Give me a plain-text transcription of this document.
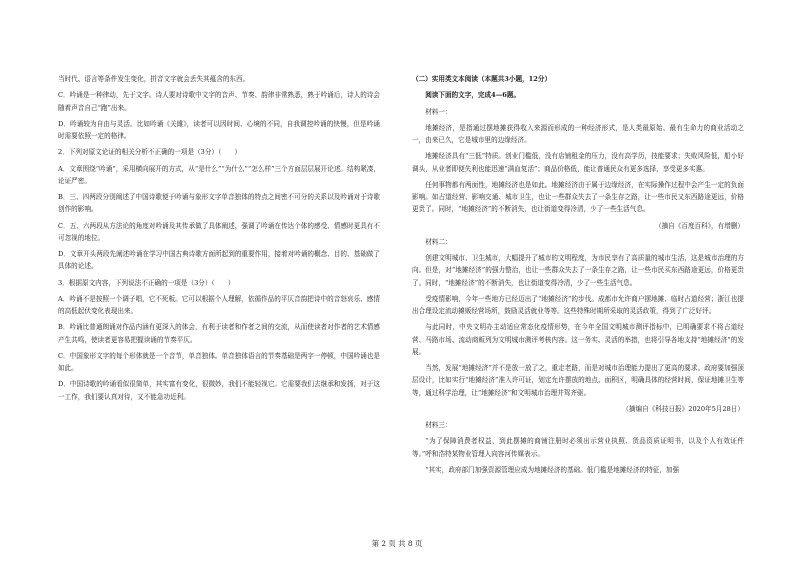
当时代、语言等条件发生变化，拼音文字就会丢失其蕴含的东西。

C．吟诵是一种律动，先于文字。诗人要对诗歌中文字的音声、节奏、韵律非常熟悉，熟于吟诵后，诗人的诗会随着声音自己“跑”出来。

D．吟诵较为自由与灵活。比如吟诵《关雎》，读者可以因时间、心境的不同，自我调控吟诵的快慢，但是吟诵时需要依照一定的格律。

2．下列对原文论证的相关分析不正确的一项是（3分）（　　）

A．文章围绕“吟诵”，采用横向展开的方式，从“是什么”“为什么”“怎么样”三个方面层层展开论述。结构紧凑，论证严密。

B．三、四两段分别阐述了中国诗歌便于吟诵与象形文字单音独体的特点之间密不可分的关系以及吟诵对于诗歌创作的影响。

C．五、六两段从方法论的角度对吟诵及其传承做了具体阐述，强调了吟诵在传达个体的感受、情感时更具有不可忽视的地位。

D．文章开头两段先阐述吟诵在学习中国古典诗歌方面所起到的重要作用，接着对吟诵的概念、目的、基础做了具体的论述。

3．根据原文内容，下列说法不正确的一项是（3分）（　　）

A．吟诵不是按照一个调子唱，它不死板。它可以根据个人理解，依循作品的平仄音韵把诗中的音怒哀乐、感情的高低起伏变化表现出来。

B．吟诵比普通朗诵对作品内涵有更深入的体会，有利于读者和作者之间的交流，从而使读者对作者的艺术情感产生共鸣，使读者更容易把握读诵的节奏平仄。

C．中国象形文字的每个形体就是一个音节，单音独体。单音独体语言的节奏基础是两字一停顿，中国吟诵也是如此。

D．中国诗歌的吟诵看似很简单，其实富有变化，很微妙，我们不能轻视它。它需要我们去继承和发扬，对于这一工作，我们要认真对待，又不能急功近利。

（二）实用类文本阅读（本题共3小题，12分）

阅读下面的文字，完成4—6题。

材料一：

地摊经济，是指通过摆地摊获得收入来源而形成的一种经济形式，是人类最原始、最有生命力的商业活动之一，由来已久，它是城市里的边缘经济。

地摊经济具有“三低”特质。创业门槛低，没有店铺租金的压力，没有高学历，技能要求；失败风险低，船小好调头，从业者即便失利也能迅速“满血复活”；商品价格低，能让普通民众有更多选择，享受更多实惠。

任何事物都有两面性，地摊经济也是如此。地摊经济由于属于边缘经济，在实际操作过程中会产生一定的负面影响。如占道经营、影响交通、城市卫生，也让一些群众失去了一条生存之路，让一些市民又东西路途更远，价格更贵了。同时，“地摊经济”的不断消失，也让街道变得冷清，少了一些生活气息。

（摘自《百度百科》，有增删）

材料二：

创建文明城市、卫生城市，大幅提升了城市的文明程度，为市民享有了高质量的城市生活，这是城市治理的方向。但是，对“地摊经济”的强力整治，也让一些群众失去了一条生存之路，让一些市民买东西路途更远，价格更贵了。同时，“地摊经济”的不断消失，也让街道变得冷清，少了一些生活气息。

受疫情影响，今年一些地方已经迈出了“地摊经济”的步伐。成都市允许商户摆地摊、临时占道经营；浙江也提出合理设定流动摊贩经营场所，鼓励灵活就业等等。这些特殊时期所采取的灵活政策，得到了广泛好评。

与此同时，中央文明办主动适应常态化疫情形势，在今年全国文明城市测评指标中，已明确要求不将占道经营、马路市场、流动商贩列为文明城市测评考核内容。这一务实、灵活的举措，也将引导各地支持“地摊经济”的发展。

当然，发展“地摊经济”并不是放一放了之，重走老路，而是对城市治理能力提出了更高的要求。政府要加强顶层设计，比如实行“地摊经济”准入许可证，划定允许摆放的地点、面积区，明确具体的经营时间，保证地摊卫生等等，通过科学治理，让“地摊经济”和文明城市治理并驾齐驱。

（摘编自《科技日报》2020年5月28日）

材料三：

“为了保障消费者权益，到此摆摊的商铺注册时必须出示营业执照、货品资质证明书，以及个人有效证件等。”呼和浩特某物业管理人向容河传媒表示。

“其实，政府部门加强资源管理应成为地摊经济的基础。低门槛是地摊经济的特征，加强

第 2 页 共 8 页
